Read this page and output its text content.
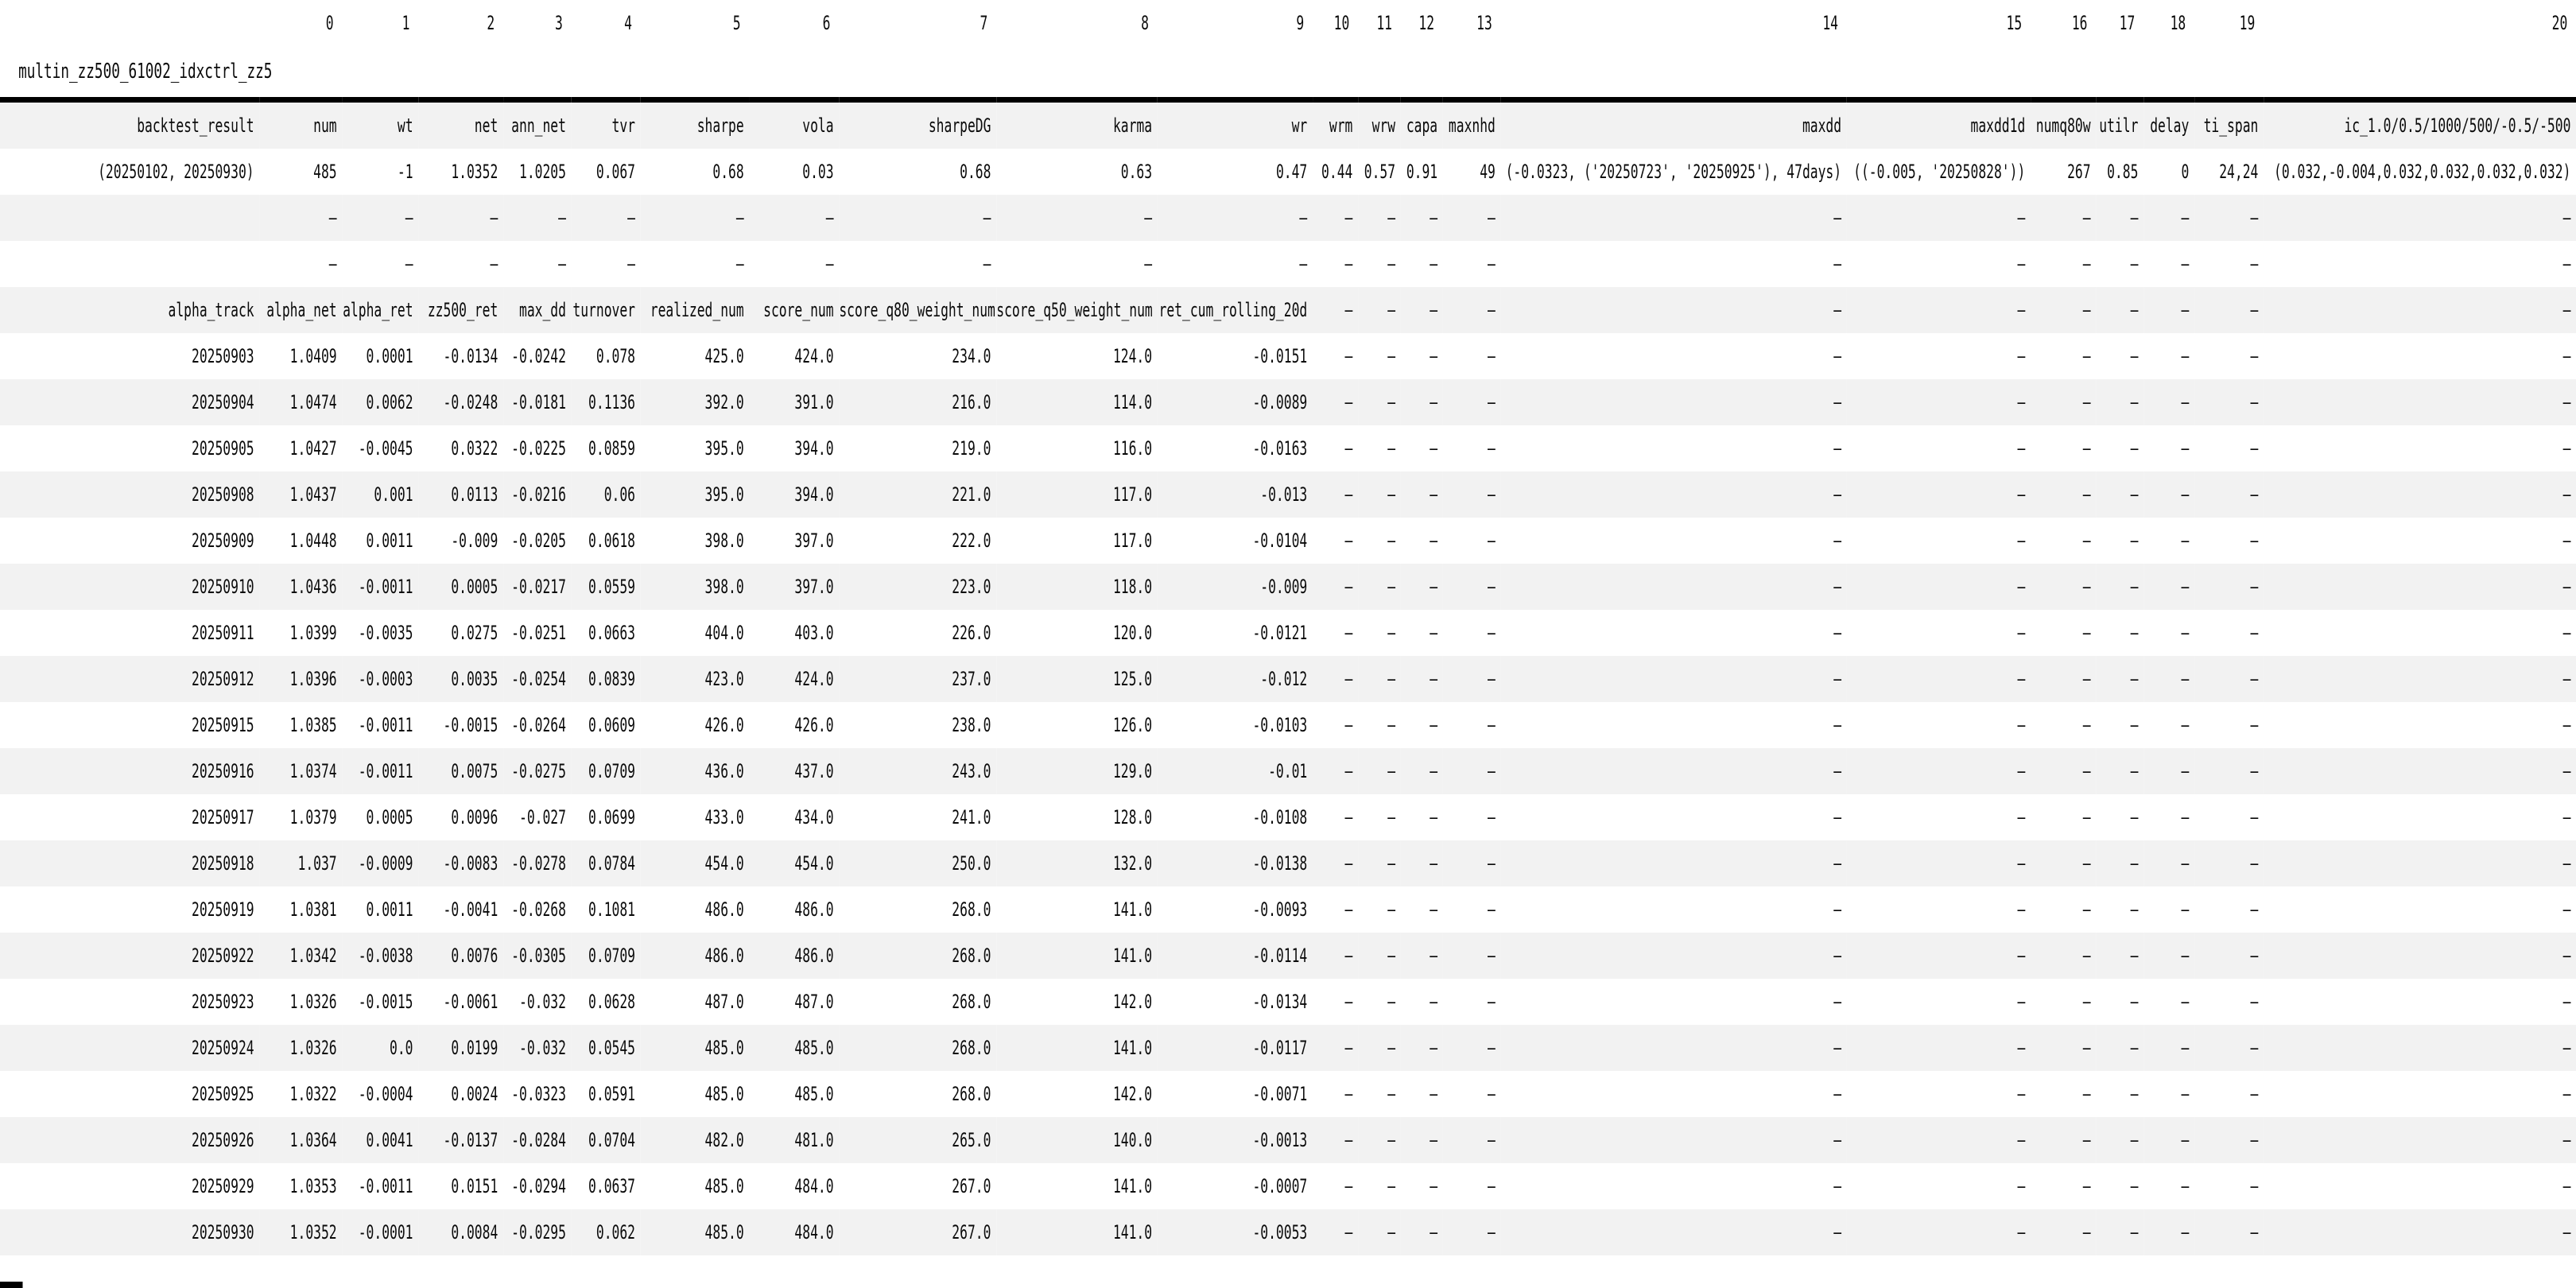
	0	1	2	3	4	5	6	7	8	9	10	11	12	13	14	15	16	17	18	19	20
multin_zz500_61002_idxctrl_zz5																					
backtest_result	num	wt	net	ann_net	tvr	sharpe	vola	sharpeDG	karma	wr	wrm	wrw	capa	maxnhd	maxdd	maxdd1d	numq80w	utilr	delay	ti_span	ic_1.0/0.5/1000/500/-0.5/-500
(20250102, 20250930)	485	-1	1.0352	1.0205	0.067	0.68	0.03	0.68	0.63	0.47	0.44	0.57	0.91	49	(-0.0323, ('20250723', '20250925'), 47days)	((-0.005, '20250828'))	267	0.85	0	24,24	(0.032,-0.004,0.032,0.032,0.032,0.032)
	—	—	—	—	—	—	—	—	—	—	—	—	—	—	—	—	—	—	—	—	—
	—	—	—	—	—	—	—	—	—	—	—	—	—	—	—	—	—	—	—	—	—
alpha_track	alpha_net	alpha_ret	zz500_ret	max_dd	turnover	realized_num	score_num	score_q80_weight_num	score_q50_weight_num	ret_cum_rolling_20d	—	—	—	—	—	—	—	—	—	—	—
20250903	1.0409	0.0001	-0.0134	-0.0242	0.078	425.0	424.0	234.0	124.0	-0.0151	—	—	—	—	—	—	—	—	—	—	—
20250904	1.0474	0.0062	-0.0248	-0.0181	0.1136	392.0	391.0	216.0	114.0	-0.0089	—	—	—	—	—	—	—	—	—	—	—
20250905	1.0427	-0.0045	0.0322	-0.0225	0.0859	395.0	394.0	219.0	116.0	-0.0163	—	—	—	—	—	—	—	—	—	—	—
20250908	1.0437	0.001	0.0113	-0.0216	0.06	395.0	394.0	221.0	117.0	-0.013	—	—	—	—	—	—	—	—	—	—	—
20250909	1.0448	0.0011	-0.009	-0.0205	0.0618	398.0	397.0	222.0	117.0	-0.0104	—	—	—	—	—	—	—	—	—	—	—
20250910	1.0436	-0.0011	0.0005	-0.0217	0.0559	398.0	397.0	223.0	118.0	-0.009	—	—	—	—	—	—	—	—	—	—	—
20250911	1.0399	-0.0035	0.0275	-0.0251	0.0663	404.0	403.0	226.0	120.0	-0.0121	—	—	—	—	—	—	—	—	—	—	—
20250912	1.0396	-0.0003	0.0035	-0.0254	0.0839	423.0	424.0	237.0	125.0	-0.012	—	—	—	—	—	—	—	—	—	—	—
20250915	1.0385	-0.0011	-0.0015	-0.0264	0.0609	426.0	426.0	238.0	126.0	-0.0103	—	—	—	—	—	—	—	—	—	—	—
20250916	1.0374	-0.0011	0.0075	-0.0275	0.0709	436.0	437.0	243.0	129.0	-0.01	—	—	—	—	—	—	—	—	—	—	—
20250917	1.0379	0.0005	0.0096	-0.027	0.0699	433.0	434.0	241.0	128.0	-0.0108	—	—	—	—	—	—	—	—	—	—	—
20250918	1.037	-0.0009	-0.0083	-0.0278	0.0784	454.0	454.0	250.0	132.0	-0.0138	—	—	—	—	—	—	—	—	—	—	—
20250919	1.0381	0.0011	-0.0041	-0.0268	0.1081	486.0	486.0	268.0	141.0	-0.0093	—	—	—	—	—	—	—	—	—	—	—
20250922	1.0342	-0.0038	0.0076	-0.0305	0.0709	486.0	486.0	268.0	141.0	-0.0114	—	—	—	—	—	—	—	—	—	—	—
20250923	1.0326	-0.0015	-0.0061	-0.032	0.0628	487.0	487.0	268.0	142.0	-0.0134	—	—	—	—	—	—	—	—	—	—	—
20250924	1.0326	0.0	0.0199	-0.032	0.0545	485.0	485.0	268.0	141.0	-0.0117	—	—	—	—	—	—	—	—	—	—	—
20250925	1.0322	-0.0004	0.0024	-0.0323	0.0591	485.0	485.0	268.0	142.0	-0.0071	—	—	—	—	—	—	—	—	—	—	—
20250926	1.0364	0.0041	-0.0137	-0.0284	0.0704	482.0	481.0	265.0	140.0	-0.0013	—	—	—	—	—	—	—	—	—	—	—
20250929	1.0353	-0.0011	0.0151	-0.0294	0.0637	485.0	484.0	267.0	141.0	-0.0007	—	—	—	—	—	—	—	—	—	—	—
20250930	1.0352	-0.0001	0.0084	-0.0295	0.062	485.0	484.0	267.0	141.0	-0.0053	—	—	—	—	—	—	—	—	—	—	—
